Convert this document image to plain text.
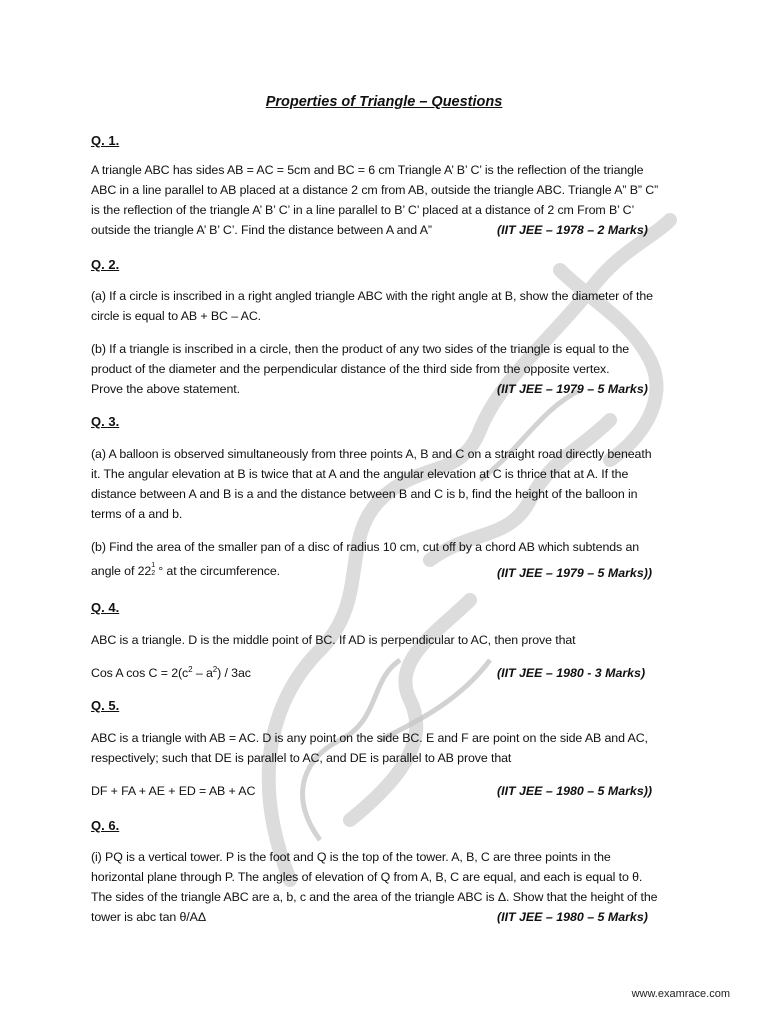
Properties of Triangle – Questions
Q. 1.
A triangle ABC has sides AB = AC = 5cm and BC = 6 cm Triangle A’ B’ C’ is the reflection of the triangle
ABC in a line parallel to AB placed at a distance 2 cm from AB, outside the triangle ABC. Triangle A” B” C”
is the reflection of the triangle A’ B’ C’ in a line parallel to B’ C’ placed at a distance of 2 cm From B’ C’
outside the triangle A’ B’ C’. Find the distance between A and A”	(IIT JEE – 1978 – 2 Marks)
Q. 2.
(a) If a circle is inscribed in a right angled triangle ABC with the right angle at B, show the diameter of the
circle is equal to AB + BC – AC.
(b) If a triangle is inscribed in a circle, then the product of any two sides of the triangle is equal to the
product of the diameter and the perpendicular distance of the third side from the opposite vertex.
Prove the above statement.	(IIT JEE – 1979 – 5 Marks)
Q. 3.
(a) A balloon is observed simultaneously from three points A, B and C on a straight road directly beneath
it. The angular elevation at B is twice that at A and the angular elevation at C is thrice that at A. If the
distance between A and B is a and the distance between B and C is b, find the height of the balloon in
terms of a and b.
(b) Find the area of the smaller pan of a disc of radius 10 cm, cut off by a chord AB which subtends an
angle of 22 1
2 ° at the circumference.	(IIT JEE – 1979 – 5 Marks))
Q. 4.
ABC is a triangle. D is the middle point of BC. If AD is perpendicular to AC, then prove that
Cos A $\cos C = 2(c^2 - a^2) / 3ac$	(IIT JEE – 1980 - 3 Marks)
Q. 5.
ABC is a triangle with AB = AC. D is any point on the side BC. E and F are point on the side AB and AC,
respectively; such that DE is parallel to AC, and DE is parallel to AB prove that
DF + FA + AE + ED = AB + AC	(IIT JEE – 1980 – 5 Marks))
Q. 6.
(i) PQ is a vertical tower. P is the foot and Q is the top of the tower. A, B, C are three points in the
horizontal plane through P. The angles of elevation of Q from A, B, C are equal, and each is equal to θ.
The sides of the triangle ABC are a, b, c and the area of the triangle ABC is Δ. Show that the height of the
tower is abc tan θ/AΔ	(IIT JEE – 1980 – 5 Marks)
www.examrace.com
